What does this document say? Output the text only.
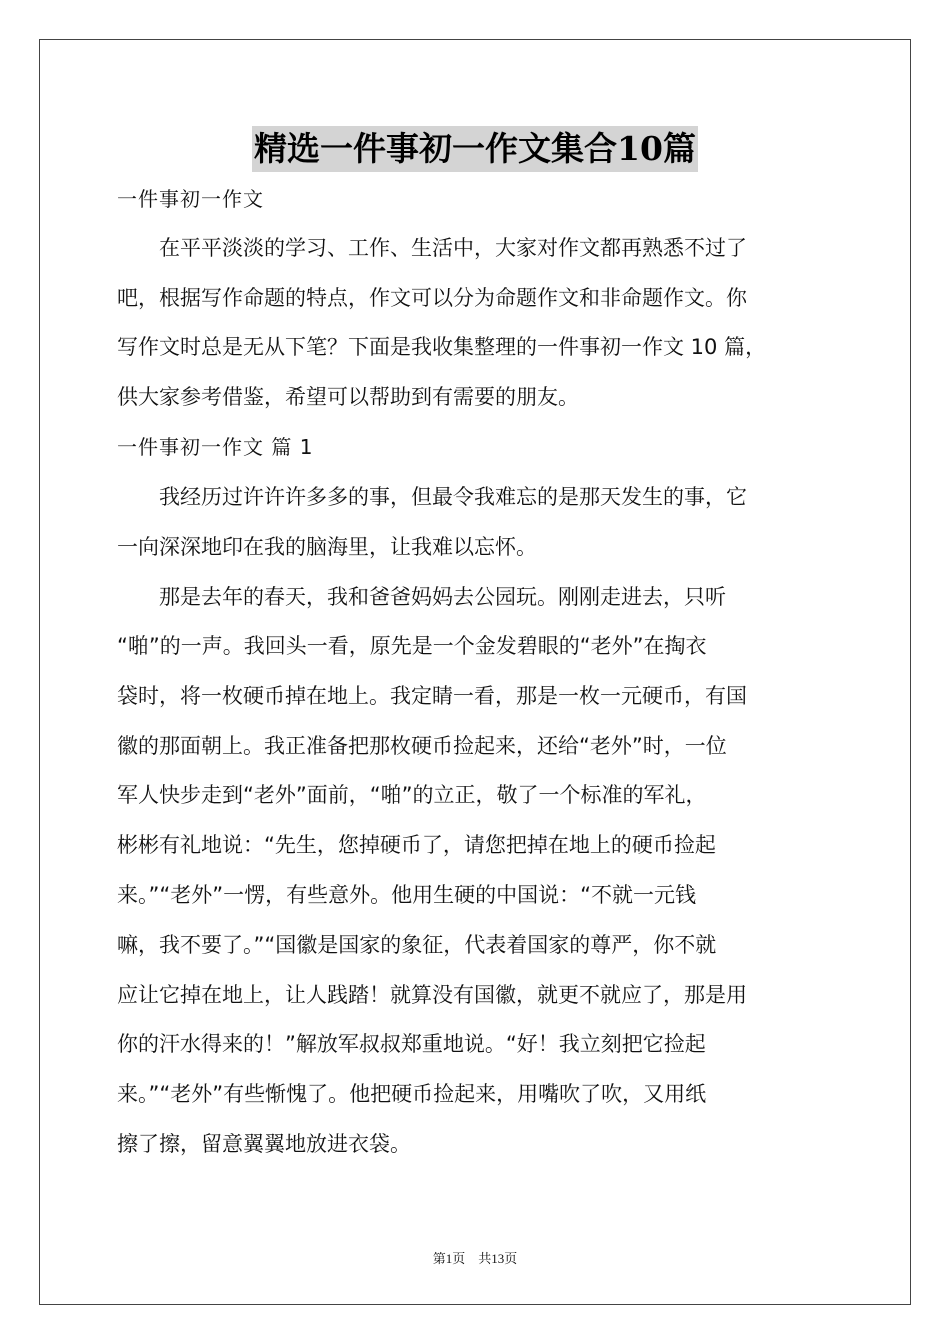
精选一件事初一作文集合10篇
一件事初一作文
　　在平平淡淡的学习、工作、生活中，大家对作文都再熟悉不过了
吧，根据写作命题的特点，作文可以分为命题作文和非命题作文。你
写作文时总是无从下笔？下面是我收集整理的一件事初一作文 10 篇，
供大家参考借鉴，希望可以帮助到有需要的朋友。
一件事初一作文 篇 1
　　我经历过许许许多多的事，但最令我难忘的是那天发生的事，它
一向深深地印在我的脑海里，让我难以忘怀。
　　那是去年的春天，我和爸爸妈妈去公园玩。刚刚走进去，只听
“啪”的一声。我回头一看，原先是一个金发碧眼的“老外”在掏衣
袋时，将一枚硬币掉在地上。我定睛一看，那是一枚一元硬币，有国
徽的那面朝上。我正准备把那枚硬币捡起来，还给“老外”时，一位
军人快步走到“老外”面前，“啪”的立正，敬了一个标准的军礼，
彬彬有礼地说：“先生，您掉硬币了，请您把掉在地上的硬币捡起
来。”“老外”一愣，有些意外。他用生硬的中国说：“不就一元钱
嘛，我不要了。”“国徽是国家的象征，代表着国家的尊严，你不就
应让它掉在地上，让人践踏！就算没有国徽，就更不就应了，那是用
你的汗水得来的！”解放军叔叔郑重地说。“好！我立刻把它捡起
来。”“老外”有些惭愧了。他把硬币捡起来，用嘴吹了吹，又用纸
擦了擦，留意翼翼地放进衣袋。
第1页　共13页
